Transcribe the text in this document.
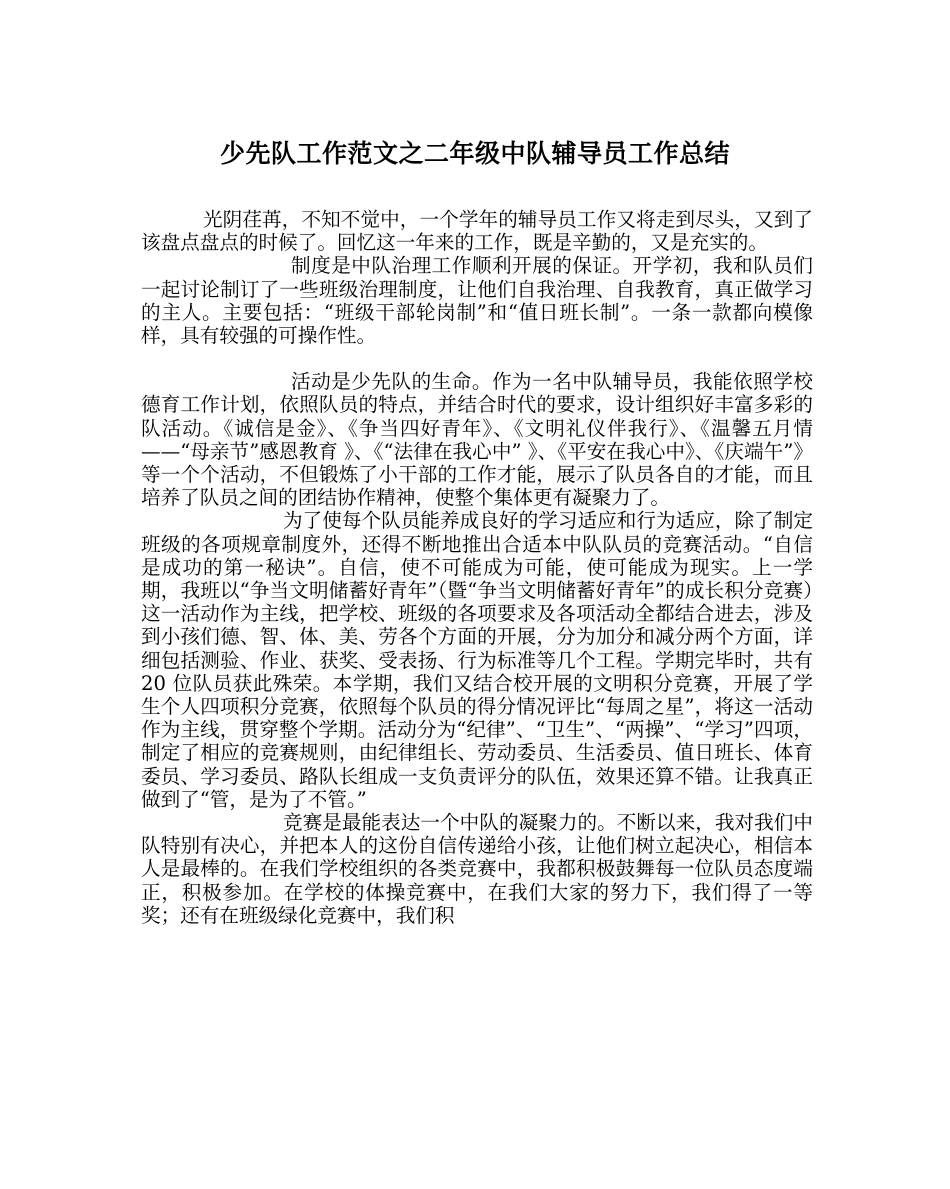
少先队工作范文之二年级中队辅导员工作总结

光阴荏苒，不知不觉中，一个学年的辅导员工作又将走到尽头，又到了该盘点盘点的时候了。回忆这一年来的工作，既是辛勤的，又是充实的。

制度是中队治理工作顺利开展的保证。开学初，我和队员们一起讨论制订了一些班级治理制度，让他们自我治理、自我教育，真正做学习的主人。主要包括：“班级干部轮岗制”和“值日班长制”。一条一款都向模像样，具有较强的可操作性。

活动是少先队的生命。作为一名中队辅导员，我能依照学校德育工作计划，依照队员的特点，并结合时代的要求，设计组织好丰富多彩的队活动。《诚信是金》、《争当四好青年》、《文明礼仪伴我行》、《温馨五月情——“母亲节”感恩教育 》、《“法律在我心中” 》、《平安在我心中》、《庆端午”》等一个个活动，不但锻炼了小干部的工作才能，展示了队员各自的才能，而且培养了队员之间的团结协作精神，使整个集体更有凝聚力了。

为了使每个队员能养成良好的学习适应和行为适应，除了制定班级的各项规章制度外，还得不断地推出合适本中队队员的竞赛活动。“自信是成功的第一秘诀”。自信，使不可能成为可能，使可能成为现实。上一学期，我班以“争当文明储蓄好青年”（暨“争当文明储蓄好青年”的成长积分竞赛）这一活动作为主线，把学校、班级的各项要求及各项活动全都结合进去，涉及到小孩们德、智、体、美、劳各个方面的开展，分为加分和减分两个方面，详细包括测验、作业、获奖、受表扬、行为标准等几个工程。学期完毕时，共有 20 位队员获此殊荣。本学期，我们又结合校开展的文明积分竞赛，开展了学生个人四项积分竞赛，依照每个队员的得分情况评比“每周之星”，将这一活动作为主线，贯穿整个学期。活动分为“纪律”、“卫生”、“两操”、“学习”四项，制定了相应的竞赛规则，由纪律组长、劳动委员、生活委员、值日班长、体育委员、学习委员、路队长组成一支负责评分的队伍，效果还算不错。让我真正做到了“管，是为了不管。”

竞赛是最能表达一个中队的凝聚力的。不断以来，我对我们中队特别有决心，并把本人的这份自信传递给小孩，让他们树立起决心，相信本人是最棒的。在我们学校组织的各类竞赛中，我都积极鼓舞每一位队员态度端正，积极参加。在学校的体操竞赛中，在我们大家的努力下，我们得了一等奖；还有在班级绿化竞赛中，我们积
